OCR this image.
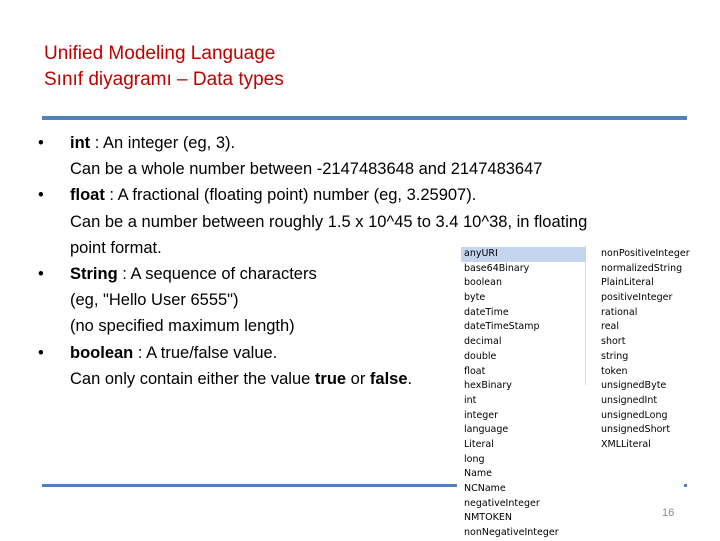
Unified Modeling Language
Sınıf diyagramı – Data types
•	int : An integer (eg, 3).
Can be a whole number between -2147483648 and 2147483647
•	float : A fractional (floating point) number (eg, 3.25907).
Can be a number between roughly 1.5 x 10^45 to 3.4 10^38, in floating
point format.
•	String : A sequence of characters
(eg, "Hello User 6555")
(no specified maximum length)
•	boolean : A true/false value.
Can only contain either the value true or false.
anyURI
base64Binary
boolean
byte
dateTime
dateTimeStamp
decimal
double
float
hexBinary
int
integer
language
Literal
long
Name
NCName
negativeInteger
NMTOKEN
nonNegativeInteger
nonPositiveInteger
normalizedString
PlainLiteral
positiveInteger
rational
real
short
string
token
unsignedByte
unsignedInt
unsignedLong
unsignedShort
XMLLiteral
16
